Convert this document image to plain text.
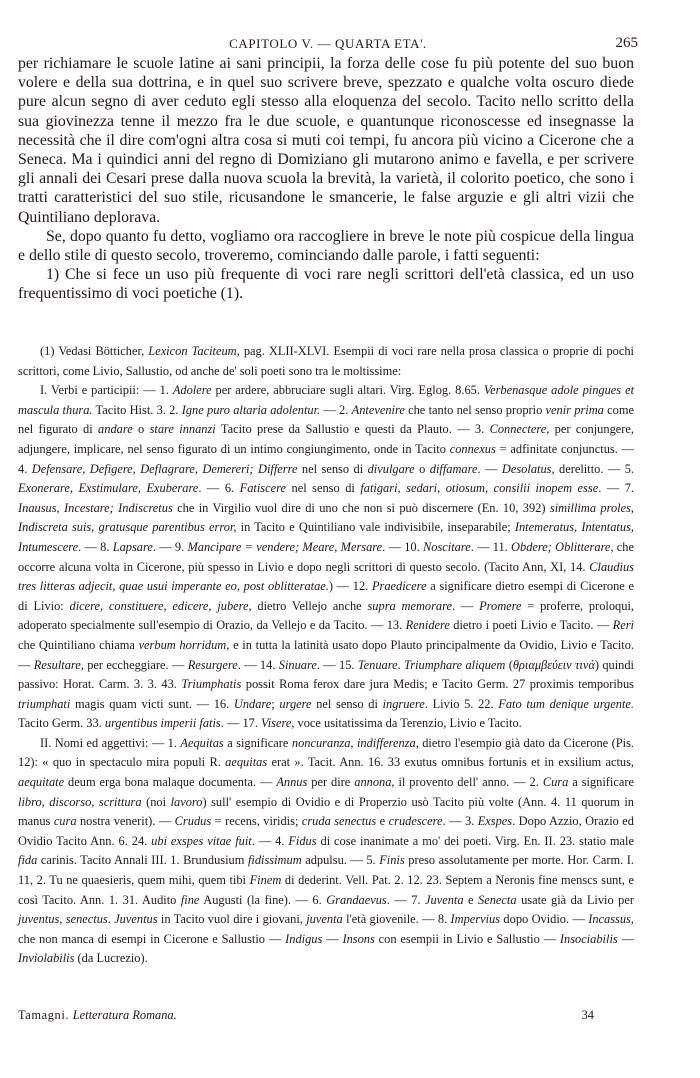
CAPITOLO V. — QUARTA ETA'.	265

per richiamare le scuole latine ai sani principii, la forza delle cose fu più potente del suo buon volere e della sua dottrina, e in quel suo scrivere breve, spezzato e qualche volta oscuro diede pure alcun segno di aver ceduto egli stesso alla eloquenza del secolo. Tacito nello scritto della sua giovinezza tenne il mezzo fra le due scuole, e quantunque riconoscesse ed insegnasse la necessità che il dire com'ogni altra cosa si muti coi tempi, fu ancora più vicino a Cicerone che a Seneca. Ma i quindici anni del regno di Domiziano gli mutarono animo e favella, e per scrivere gli annali dei Cesari prese dalla nuova scuola la brevità, la varietà, il colorito poetico, che sono i tratti caratteristici del suo stile, ricusandone le smancerie, le false arguzie e gli altri vizii che Quintiliano deplorava.

Se, dopo quanto fu detto, vogliamo ora raccogliere in breve le note più cospicue della lingua e dello stile di questo secolo, troveremo, cominciando dalle parole, i fatti seguenti:

1) Che si fece un uso più frequente di voci rare negli scrittori dell'età classica, ed un uso frequentissimo di voci poetiche (1).

(1) Vedasi Bötticher, Lexicon Taciteum, pag. XLII-XLVI. Esempii di voci rare nella prosa classica o proprie di pochi scrittori, come Livio, Sallustio, od anche de' soli poeti sono tra le moltissime:

I. Verbi e participii: — 1. Adolere per ardere, abbruciare sugli altari. Virg. Eglog. 8.65. Verbenasque adole pingues et mascula thura. Tacito Hist. 3. 2. Igne puro altaria adolentur. — 2. Antevenire che tanto nel senso proprio venir prima come nel figurato di andare o stare innanzi Tacito prese da Sallustio e questi da Plauto. — 3. Connectere, per conjungere, adjungere, implicare, nel senso figurato di un intimo congiungimento, onde in Tacito connexus = adfinitate conjunctus. — 4. Defensare, Defigere, Deflagrare, Demereri; Differre nel senso di divulgare o diffamare. — Desolatus, derelitto. — 5. Exonerare, Exstimulare, Exuberare. — 6. Fatiscere nel senso di fatigari, sedari, otiosum, consilii inopem esse. — 7. Inausus, Incestare; Indiscretus che in Virgilio vuol dire di uno che non si può discernere (En. 10, 392) simillima proles, Indiscreta suis, gratusque parentibus error, in Tacito e Quintiliano vale indivisibile, inseparabile; Intemeratus, Intentatus, Intumescere. — 8. Lapsare. — 9. Mancipare = vendere; Meare, Mersare. — 10. Noscitare. — 11. Obdere; Oblitterare, che occorre alcuna volta in Cicerone, più spesso in Livio e dopo negli scrittori di questo secolo. (Tacito Ann, XI, 14. Claudius tres litteras adjecit, quae usui imperante eo, post oblitteratae.) — 12. Praedicere a significare dietro esempi di Cicerone e di Livio: dicere, constituere, edicere, jubere, dietro Vellejo anche supra memorare. — Promere = proferre, proloqui, adoperato specialmente sull'esempio di Orazio, da Vellejo e da Tacito. — 13. Renidere dietro i poeti Livio e Tacito. — Reri che Quintiliano chiama verbum horridum, e in tutta la latinità usato dopo Plauto principalmente da Ovidio, Livio e Tacito. — Resultare, per eccheggiare. — Resurgere. — 14. Sinuare. — 15. Tenuare. Triumphare aliquem (θριαμβεύειν τινά) quindi passivo: Horat. Carm. 3. 3. 43. Triumphatis possit Roma ferox dare jura Medis; e Tacito Germ. 27 proximis temporibus triumphati magis quam victi sunt. — 16. Undare; urgere nel senso di ingruere. Livio 5. 22. Fato tum denique urgente. Tacito Germ. 33. urgentibus imperii fatis. — 17. Visere, voce usitatissima da Terenzio, Livio e Tacito.

II. Nomi ed aggettivi: — 1. Aequitas a significare noncuranza, indifferenza, dietro l'esempio già dato da Cicerone (Pis. 12): « quo in spectaculo mira populi R. aequitas erat ». Tacit. Ann. 16. 33 exutus omnibus fortunis et in exsilium actus, aequitate deum erga bona malaque documenta. — Annus per dire annona, il provento dell' anno. — 2. Cura a significare libro, discorso, scrittura (noi lavoro) sull' esempio di Ovidio e di Properzio usò Tacito più volte (Ann. 4. 11 quorum in manus cura nostra venerit). — Crudus = recens, viridis; cruda senectus e crudescere. — 3. Exspes. Dopo Azzio, Orazio ed Ovidio Tacito Ann. 6. 24. ubi exspes vitae fuit. — 4. Fidus di cose inanimate a mo' dei poeti. Virg. En. II. 23. statio male fida carinis. Tacito Annali III. 1. Brundusium fidissimum adpulsu. — 5. Finis preso assolutamente per morte. Hor. Carm. I. 11, 2. Tu ne quaesieris, quem mihi, quem tibi Finem di dederint. Vell. Pat. 2. 12. 23. Septem a Neronis fine menscs sunt, e così Tacito. Ann. 1. 31. Audito fine Augusti (la fine). — 6. Grandaevus. — 7. Juventa e Senecta usate già da Livio per juventus, senectus. Juventus in Tacito vuol dire i giovani, juventa l'età giovenile. — 8. Impervius dopo Ovidio. — Incassus, che non manca di esempi in Cicerone e Sallustio — Indigus — Insons con esempii in Livio e Sallustio — Insociabilis — Inviolabilis (da Lucrezio).

Tamagni. Letteratura Romana.	34
